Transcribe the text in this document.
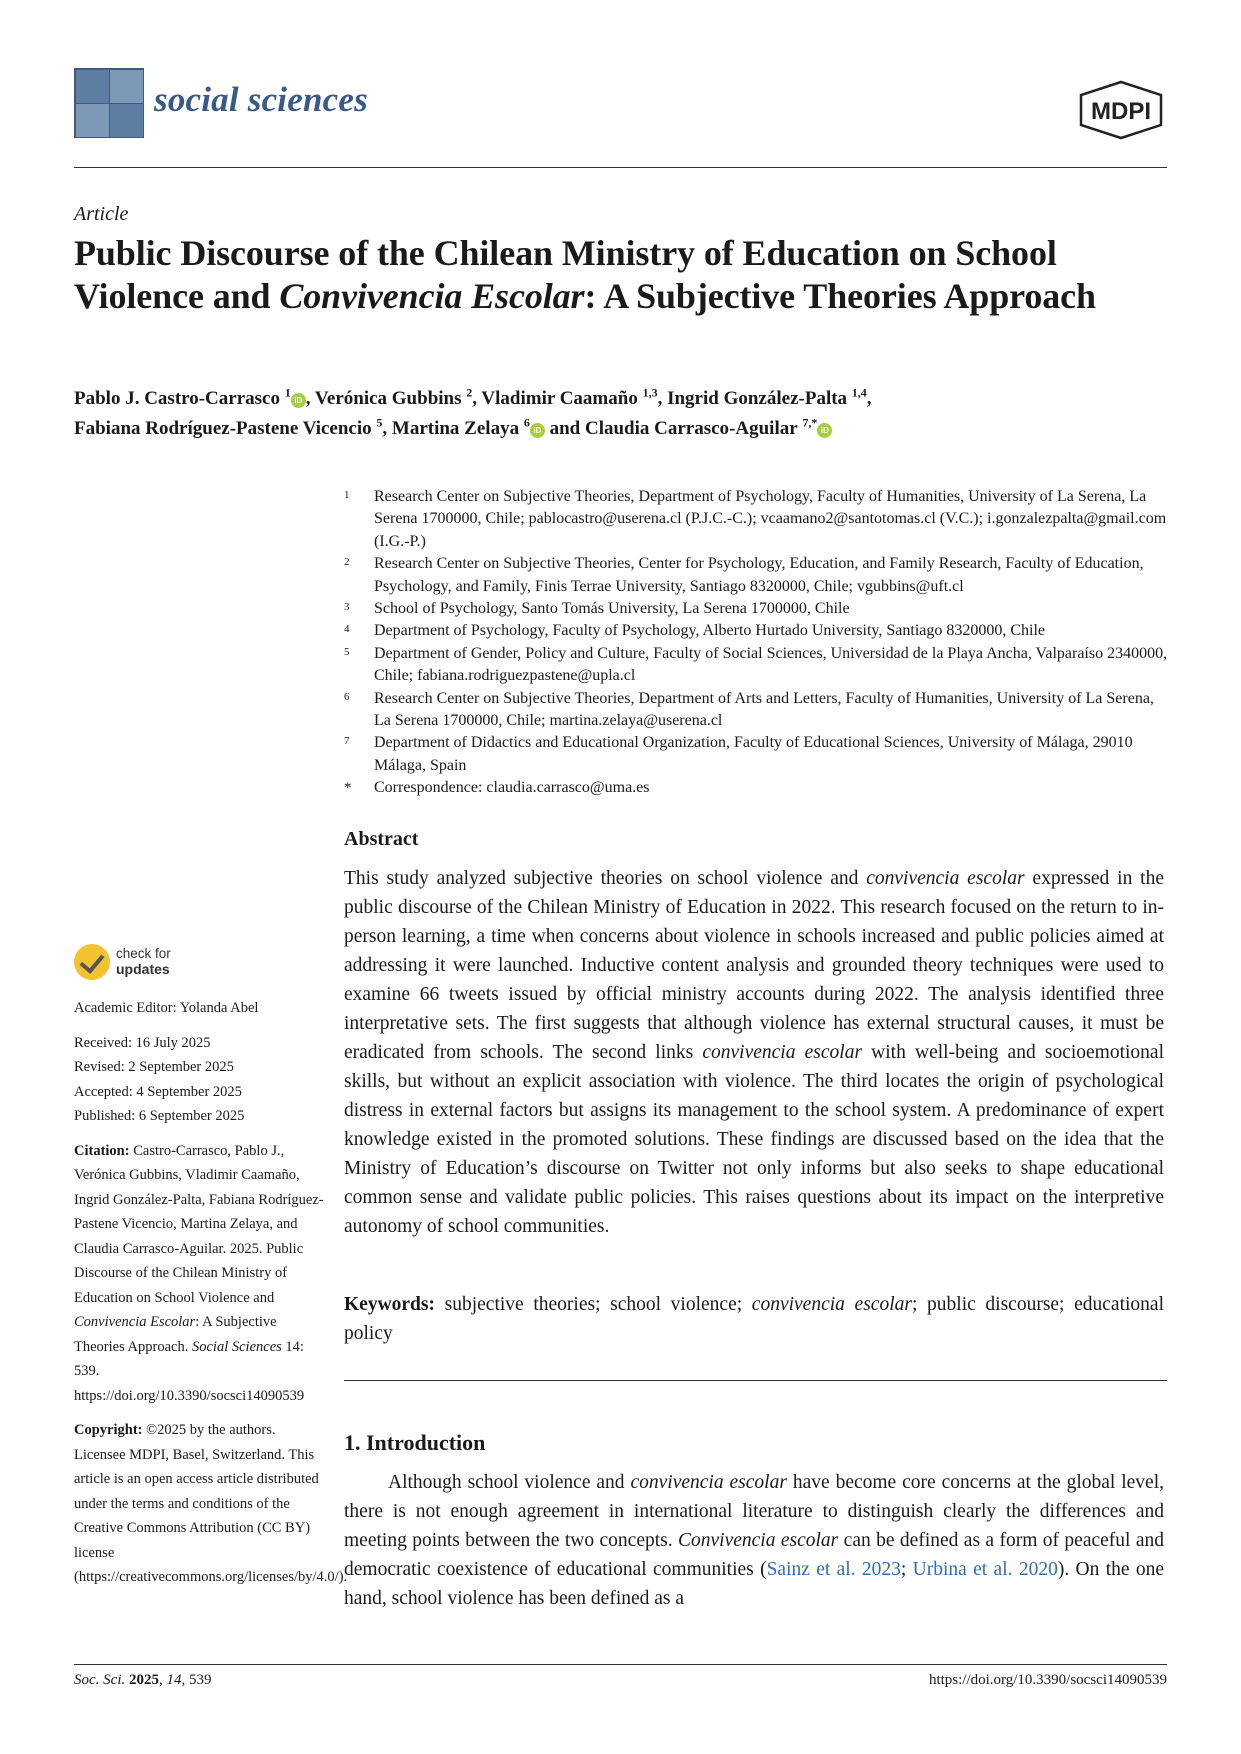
social sciences	MDPI
Article
Public Discourse of the Chilean Ministry of Education on School Violence and Convivencia Escolar: A Subjective Theories Approach
Pablo J. Castro-Carrasco $^1$iD , Verónica Gubbins $^2$, Vladimir Caamaño $^{1,3}$, Ingrid González-Palta $^{1,4}$,
Fabiana Rodríguez-Pastene Vicencio $^5$, Martina Zelaya $^6$iD and Claudia Carrasco-Aguilar $^{7,*}$iD
1 Research Center on Subjective Theories, Department of Psychology, Faculty of Humanities, University of La Serena, La Serena 1700000, Chile; pablocastro@userena.cl (P.J.C.-C.); vcaamano2@santotomas.cl (V.C.); i.gonzalezpalta@gmail.com (I.G.-P.)
2 Research Center on Subjective Theories, Center for Psychology, Education, and Family Research, Faculty of Education, Psychology, and Family, Finis Terrae University, Santiago 8320000, Chile; vgubbins@uft.cl
3 School of Psychology, Santo Tomás University, La Serena 1700000, Chile
4 Department of Psychology, Faculty of Psychology, Alberto Hurtado University, Santiago 8320000, Chile
5 Department of Gender, Policy and Culture, Faculty of Social Sciences, Universidad de la Playa Ancha, Valparaíso 2340000, Chile; fabiana.rodriguezpastene@upla.cl
6 Research Center on Subjective Theories, Department of Arts and Letters, Faculty of Humanities, University of La Serena, La Serena 1700000, Chile; martina.zelaya@userena.cl
7 Department of Didactics and Educational Organization, Faculty of Educational Sciences, University of Málaga, 29010 Málaga, Spain
* Correspondence: claudia.carrasco@uma.es
Abstract
This study analyzed subjective theories on school violence and convivencia escolar expressed in the public discourse of the Chilean Ministry of Education in 2022. This research focused on the return to in-person learning, a time when concerns about violence in schools increased and public policies aimed at addressing it were launched. Inductive content analysis and grounded theory techniques were used to examine 66 tweets issued by official ministry accounts during 2022. The analysis identified three interpretative sets. The first suggests that although violence has external structural causes, it must be eradicated from schools. The second links convivencia escolar with well-being and socioemotional skills, but without an explicit association with violence. The third locates the origin of psychological distress in external factors but assigns its management to the school system. A predominance of expert knowledge existed in the promoted solutions. These findings are discussed based on the idea that the Ministry of Education’s discourse on Twitter not only informs but also seeks to shape educational common sense and validate public policies. This raises questions about its impact on the interpretive autonomy of school communities.
Keywords: subjective theories; school violence; convivencia escolar; public discourse; educational policy
1. Introduction
Although school violence and convivencia escolar have become core concerns at the global level, there is not enough agreement in international literature to distinguish clearly the differences and meeting points between the two concepts. Convivencia escolar can be defined as a form of peaceful and democratic coexistence of educational communities (Sainz et al. 2023; Urbina et al. 2020). On the one hand, school violence has been defined as a
check for
updates

Academic Editor: Yolanda Abel

Received: 16 July 2025

Revised: 2 September 2025

Accepted: 4 September 2025

Published: 6 September 2025

Citation: Castro-Carrasco, Pablo J., Verónica Gubbins, Vladimir Caamaño, Ingrid González-Palta, Fabiana Rodríguez-Pastene Vicencio, Martina Zelaya, and Claudia Carrasco-Aguilar. 2025. Public Discourse of the Chilean Ministry of Education on School Violence and Convivencia Escolar: A Subjective Theories Approach. Social Sciences 14: 539. https://doi.org/10.3390/socsci14090539

Copyright: ©2025 by the authors. Licensee MDPI, Basel, Switzerland. This article is an open access article distributed under the terms and conditions of the Creative Commons Attribution (CC BY) license (https://creativecommons.org/licenses/by/4.0/).

Soc. Sci. 2025, 14, 539	https://doi.org/10.3390/socsci14090539
